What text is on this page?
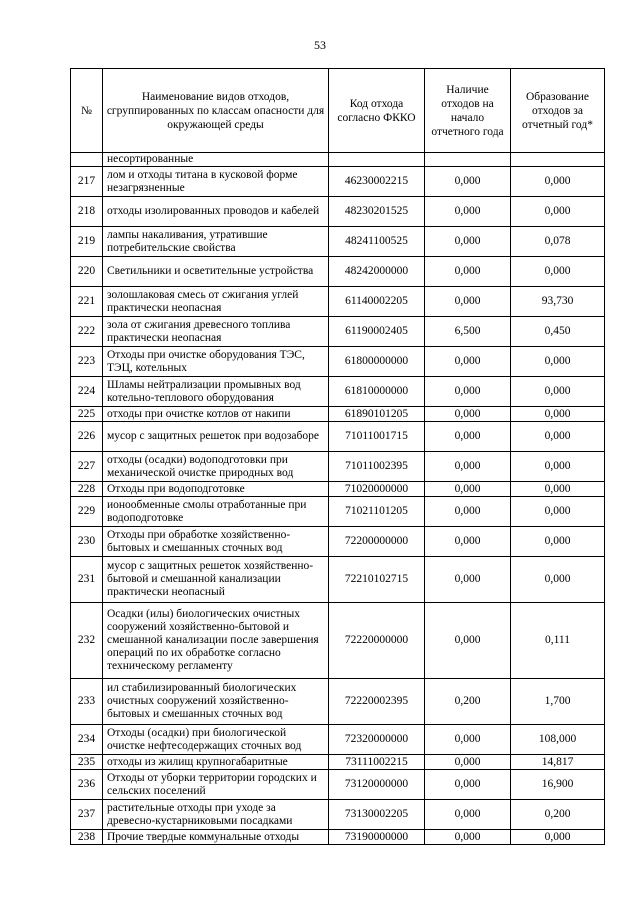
53
№	Наименование видов отходов, сгруппированных по классам опасности для окружающей среды	Код отхода согласно ФККО	Наличие отходов на начало отчетного года	Образование отходов за отчетный год*
	несортированные			
217	лом и отходы титана в кусковой форме незагрязненные	46230002215	0,000	0,000
218	отходы изолированных проводов и кабелей	48230201525	0,000	0,000
219	лампы накаливания, утратившие потребительские свойства	48241100525	0,000	0,078
220	Светильники и осветительные устройства	48242000000	0,000	0,000
221	золошлаковая смесь от сжигания углей практически неопасная	61140002205	0,000	93,730
222	зола от сжигания древесного топлива практически неопасная	61190002405	6,500	0,450
223	Отходы при очистке оборудования ТЭС, ТЭЦ, котельных	61800000000	0,000	0,000
224	Шламы нейтрализации промывных вод котельно-теплового оборудования	61810000000	0,000	0,000
225	отходы при очистке котлов от накипи	61890101205	0,000	0,000
226	мусор с защитных решеток при водозаборе	71011001715	0,000	0,000
227	отходы (осадки) водоподготовки при механической очистке природных вод	71011002395	0,000	0,000
228	Отходы при водоподготовке	71020000000	0,000	0,000
229	ионообменные смолы отработанные при водоподготовке	71021101205	0,000	0,000
230	Отходы при обработке хозяйственно-бытовых и смешанных сточных вод	72200000000	0,000	0,000
231	мусор с защитных решеток хозяйственно-бытовой и смешанной канализации практически неопасный	72210102715	0,000	0,000
232	Осадки (илы) биологических очистных сооружений хозяйственно-бытовой и смешанной канализации после завершения операций по их обработке согласно техническому регламенту	72220000000	0,000	0,111
233	ил стабилизированный биологических очистных сооружений хозяйственно-бытовых и смешанных сточных вод	72220002395	0,200	1,700
234	Отходы (осадки) при биологической очистке нефтесодержащих сточных вод	72320000000	0,000	108,000
235	отходы из жилищ крупногабаритные	73111002215	0,000	14,817
236	Отходы от уборки территории городских и сельских поселений	73120000000	0,000	16,900
237	растительные отходы при уходе за древесно-кустарниковыми посадками	73130002205	0,000	0,200
238	Прочие твердые коммунальные отходы	73190000000	0,000	0,000
